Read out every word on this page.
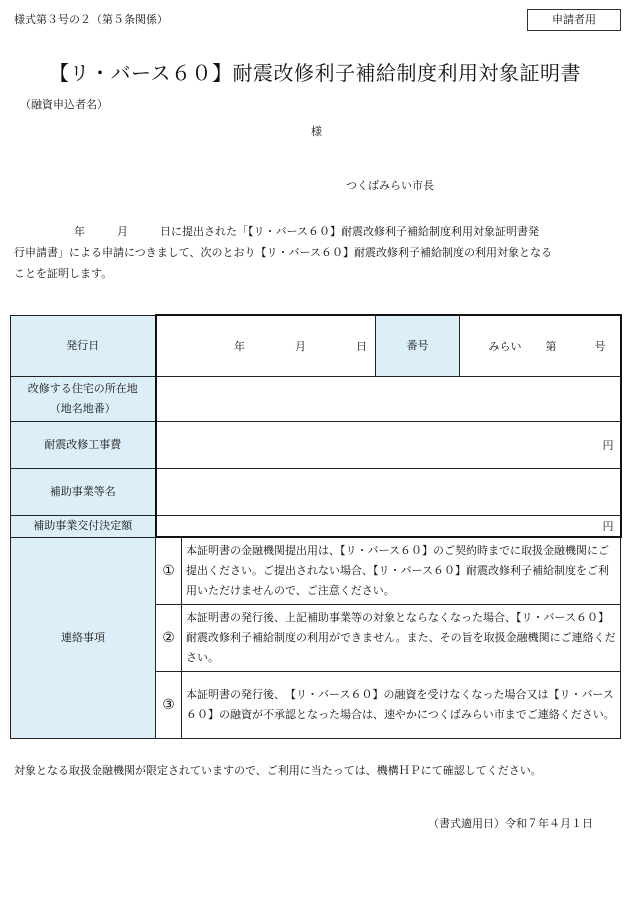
様式第３号の２（第５条関係）	申請者用
【リ・バース６０】耐震改修利子補給制度利用対象証明書
（融資申込者名）
様
つくばみらい市長
年	月	日に提出された「【リ・バース６０】耐震改修利子補給制度利用対象証明書発
行申請書」による申請につきまして、次のとおり【リ・バース６０】耐震改修利子補給制度の利用対象となる
ことを証明します。
発行日	年 月 日		番号	みらい 第 号

改修する住宅の所在地
（地名地番）				

耐震改修工事費	円			
補助事業等名				
補助事業交付決定額	円			
連絡事項	①	本証明書の金融機関提出用は、【リ・バース６０】のご契約時までに取扱金融機関にご提出ください。ご提出されない場合、【リ・バース６０】耐震改修利子補給制度をご利用いただけませんので、ご注意ください。		
	②	本証明書の発行後、上記補助事業等の対象とならなくなった場合、【リ・バース６０】耐震改修利子補給制度の利用ができません。また、その旨を取扱金融機関にご連絡ください。		
	③	本証明書の発行後、　【リ・バース６０】の融資を受けなくなった場合又は【リ・バース６０】の融資が不承認となった場合は、速やかにつくばみらい市までご連絡ください。		
対象となる取扱金融機関が限定されていますので、ご利用に当たっては、機構ＨＰにて確認してください。
（書式適用日）令和７年４月１日
